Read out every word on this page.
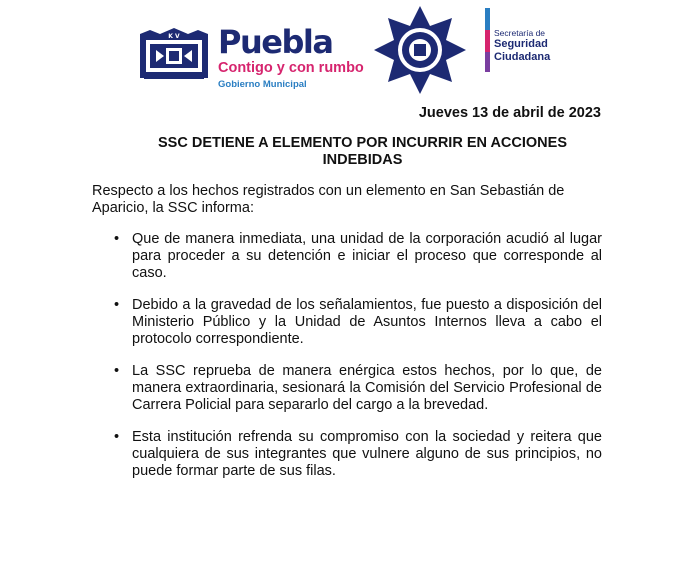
K V Puebla
Contigo y con rumbo
Gobierno Municipal
Secretaría de
Seguridad
Ciudadana
Jueves 13 de abril de 2023
SSC DETIENE A ELEMENTO POR INCURRIR EN ACCIONES INDEBIDAS
Respecto a los hechos registrados con un elemento en San Sebastián de Aparicio, la SSC informa:
• Que de manera inmediata, una unidad de la corporación acudió al lugar para proceder a su detención e iniciar el proceso que corresponde al caso.
• Debido a la gravedad de los señalamientos, fue puesto a disposición del Ministerio Público y la Unidad de Asuntos Internos lleva a cabo el protocolo correspondiente.
• La SSC reprueba de manera enérgica estos hechos, por lo que, de manera extraordinaria, sesionará la Comisión del Servicio Profesional de Carrera Policial para separarlo del cargo a la brevedad.
• Esta institución refrenda su compromiso con la sociedad y reitera que cualquiera de sus integrantes que vulnere alguno de sus principios, no puede formar parte de sus filas.
